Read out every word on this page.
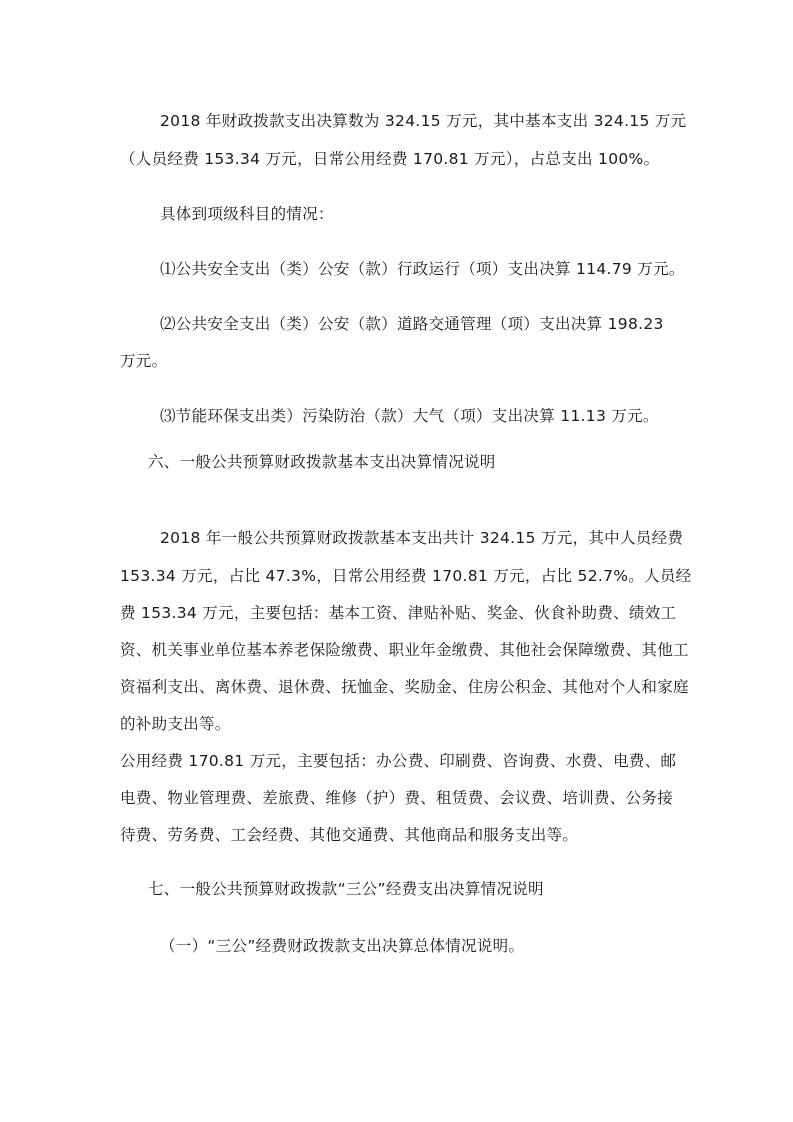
2018 年财政拨款支出决算数为 324.15 万元，其中基本支出 324.15 万元
（人员经费 153.34 万元，日常公用经费 170.81 万元），占总支出 100%。
具体到项级科目的情况：
⑴公共安全支出（类）公安（款）行政运行（项）支出决算 114.79 万元。
⑵公共安全支出（类）公安（款）道路交通管理（项）支出决算 198.23
万元。
⑶节能环保支出类）污染防治（款）大气（项）支出决算 11.13 万元。
六、一般公共预算财政拨款基本支出决算情况说明
2018 年一般公共预算财政拨款基本支出共计 324.15 万元，其中人员经费
153.34 万元，占比 47.3%，日常公用经费 170.81 万元，占比 52.7%。人员经
费 153.34 万元，主要包括：基本工资、津贴补贴、奖金、伙食补助费、绩效工
资、机关事业单位基本养老保险缴费、职业年金缴费、其他社会保障缴费、其他工
资福利支出、离休费、退休费、抚恤金、奖励金、住房公积金、其他对个人和家庭
的补助支出等。
公用经费 170.81 万元，主要包括：办公费、印刷费、咨询费、水费、电费、邮
电费、物业管理费、差旅费、维修（护）费、租赁费、会议费、培训费、公务接
待费、劳务费、工会经费、其他交通费、其他商品和服务支出等。
七、一般公共预算财政拨款“三公”经费支出决算情况说明
（一）“三公”经费财政拨款支出决算总体情况说明。
